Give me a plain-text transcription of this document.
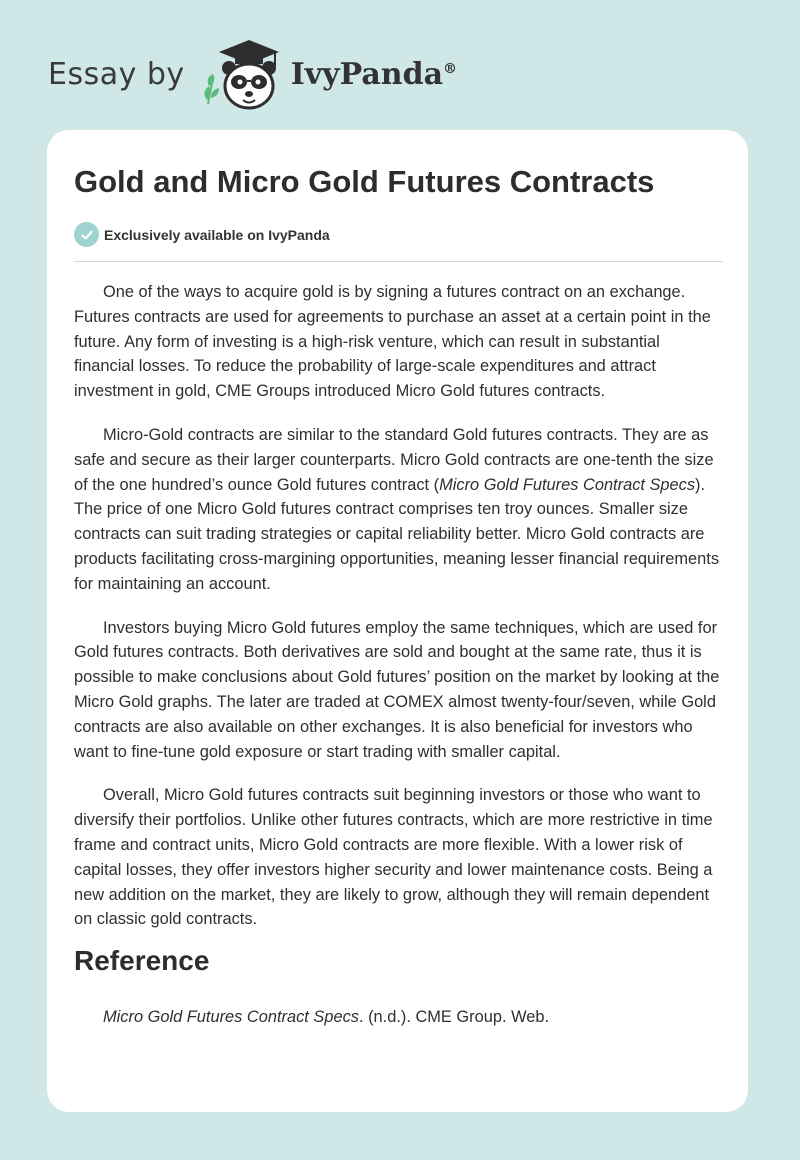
Essay by	IvyPanda®
Gold and Micro Gold Futures Contracts
Exclusively available on IvyPanda

One of the ways to acquire gold is by signing a futures contract on an exchange. Futures contracts are used for agreements to purchase an asset at a certain point in the future. Any form of investing is a high-risk venture, which can result in substantial financial losses. To reduce the probability of large-scale expenditures and attract investment in gold, CME Groups introduced Micro Gold futures contracts.

Micro-Gold contracts are similar to the standard Gold futures contracts. They are as safe and secure as their larger counterparts. Micro Gold contracts are one-tenth the size of the one hundred’s ounce Gold futures contract (Micro Gold Futures Contract Specs). The price of one Micro Gold futures contract comprises ten troy ounces. Smaller size contracts can suit trading strategies or capital reliability better. Micro Gold contracts are products facilitating cross-margining opportunities, meaning lesser financial requirements for maintaining an account.

Investors buying Micro Gold futures employ the same techniques, which are used for Gold futures contracts. Both derivatives are sold and bought at the same rate, thus it is possible to make conclusions about Gold futures’ position on the market by looking at the Micro Gold graphs. The later are traded at COMEX almost twenty-four/seven, while Gold contracts are also available on other exchanges. It is also beneficial for investors who want to fine-tune gold exposure or start trading with smaller capital.

Overall, Micro Gold futures contracts suit beginning investors or those who want to diversify their portfolios. Unlike other futures contracts, which are more restrictive in time frame and contract units, Micro Gold contracts are more flexible. With a lower risk of capital losses, they offer investors higher security and lower maintenance costs. Being a new addition on the market, they are likely to grow, although they will remain dependent on classic gold contracts.

Reference

Micro Gold Futures Contract Specs. (n.d.). CME Group. Web.
